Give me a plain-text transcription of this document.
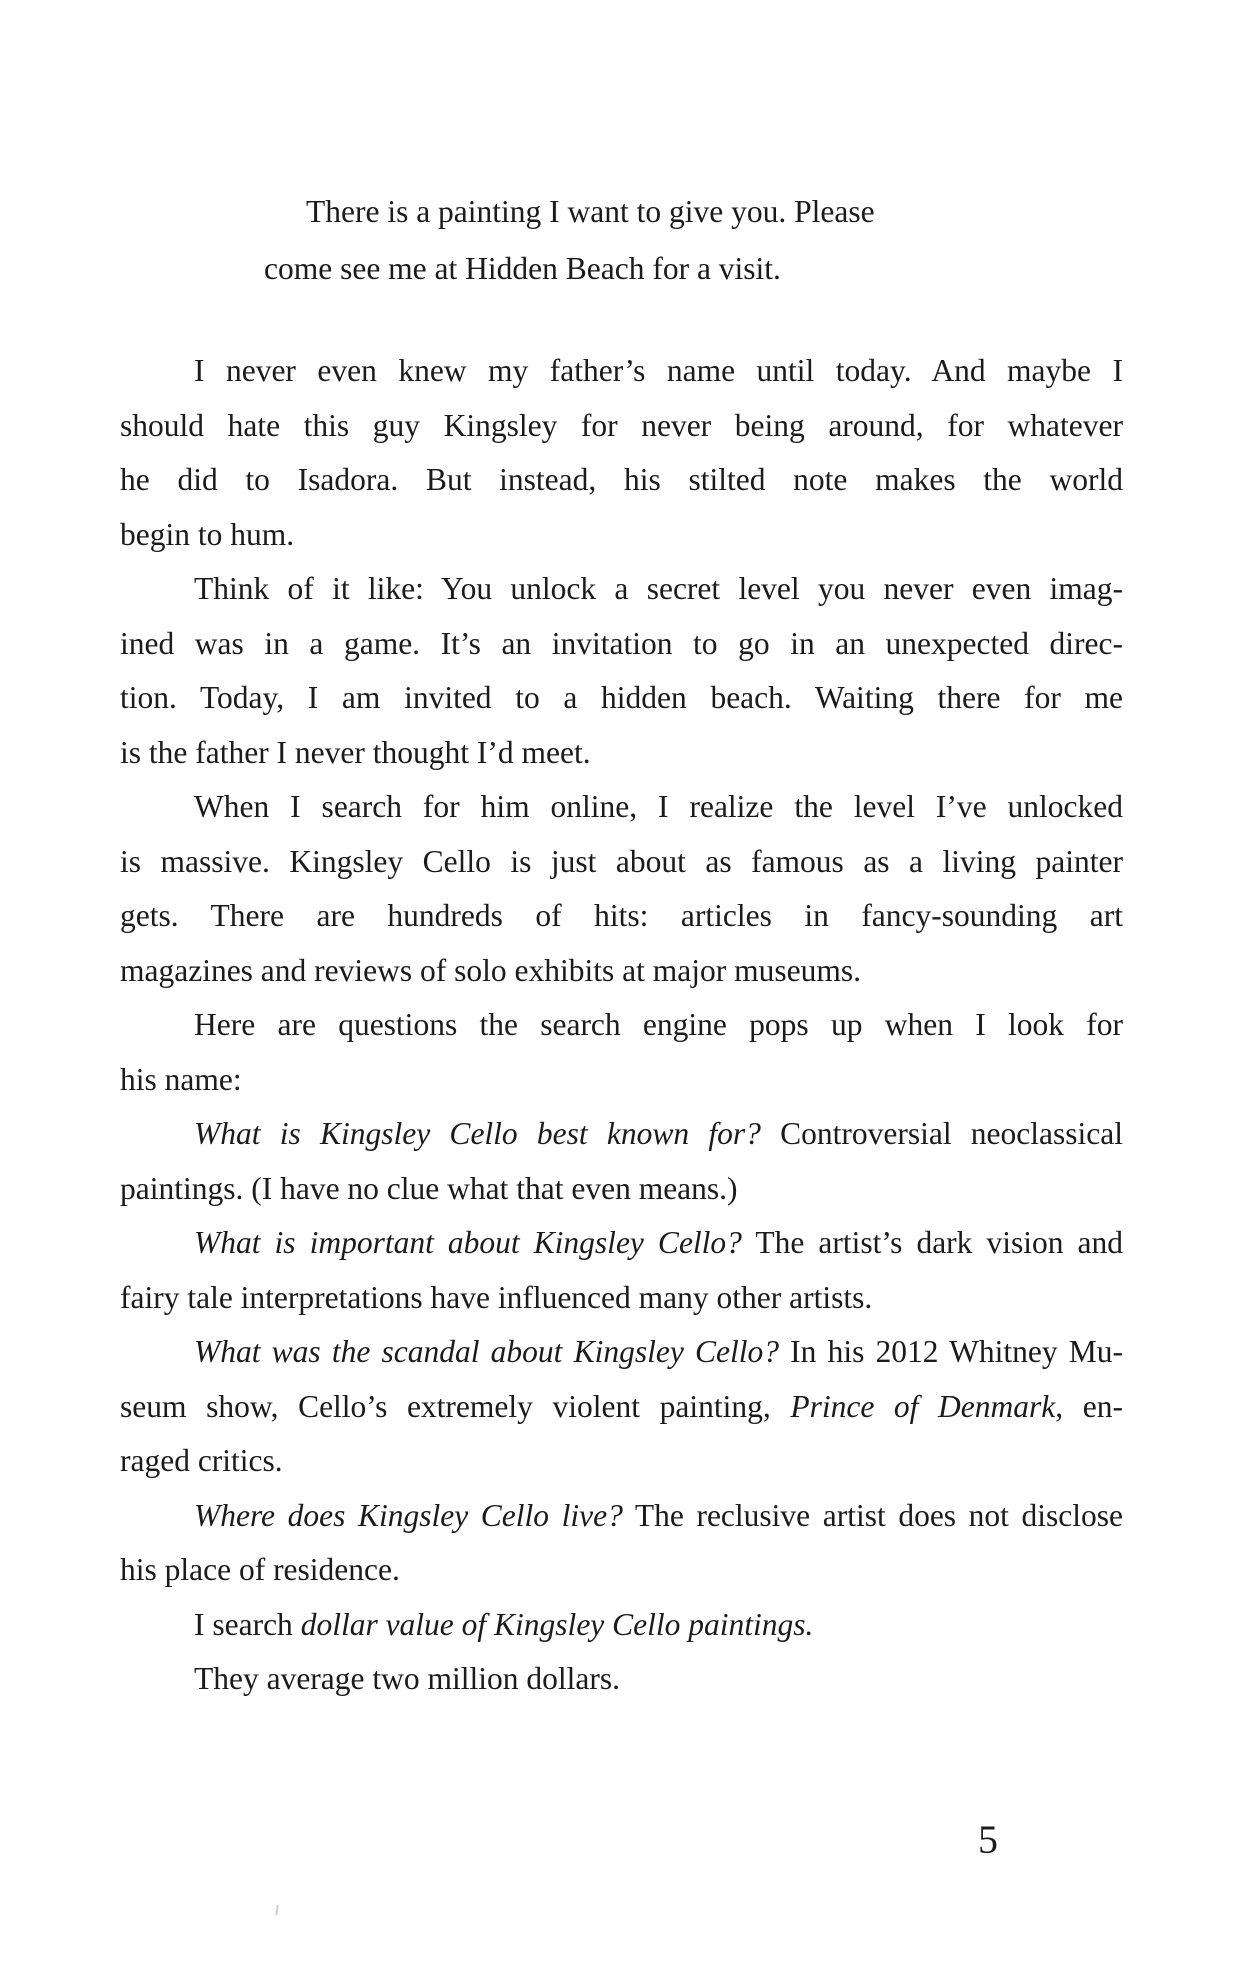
There is a painting I want to give you. Please
come see me at Hidden Beach for a visit.
I never even knew my father’s name until today. And maybe I
should hate this guy Kingsley for never being around, for whatever
he did to Isadora. But instead, his stilted note makes the world
begin to hum.
Think of it like: You unlock a secret level you never even imag-
ined was in a game. It’s an invitation to go in an unexpected direc-
tion. Today, I am invited to a hidden beach. Waiting there for me
is the father I never thought I’d meet.
When I search for him online, I realize the level I’ve unlocked
is massive. Kingsley Cello is just about as famous as a living painter
gets. There are hundreds of hits: articles in fancy-sounding art
magazines and reviews of solo exhibits at major museums.
Here are questions the search engine pops up when I look for
his name:
What is Kingsley Cello best known for? Controversial neoclassical
paintings. (I have no clue what that even means.)
What is important about Kingsley Cello? The artist’s dark vision and
fairy tale interpretations have influenced many other artists.
What was the scandal about Kingsley Cello? In his 2012 Whitney Mu-
seum show, Cello’s extremely violent painting, Prince of Denmark, en-
raged critics.
Where does Kingsley Cello live? The reclusive artist does not disclose
his place of residence.
I search dollar value of Kingsley Cello paintings.
They average two million dollars.
5
